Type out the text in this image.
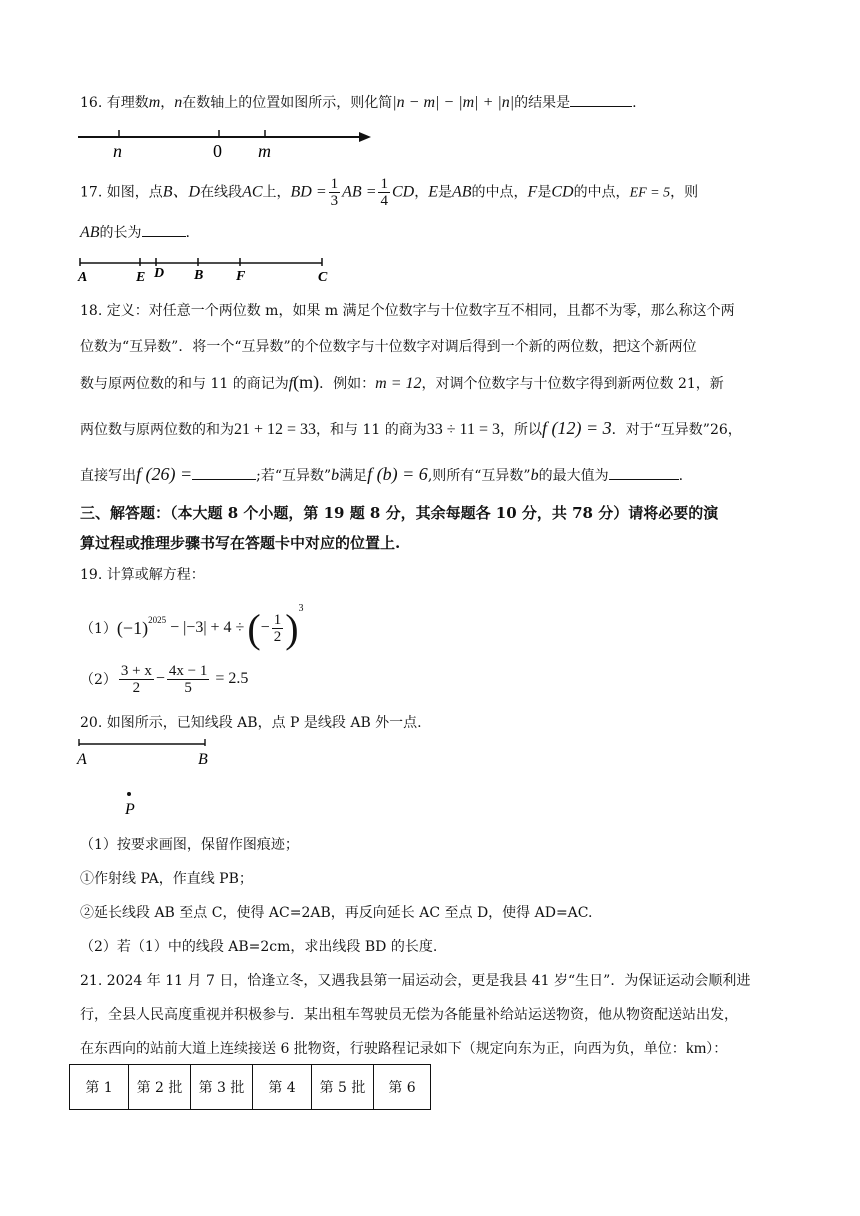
16. 有理数m，n在数轴上的位置如图所示，则化简|n − m| − |m| + |n|的结果是	.
n	0 m
17. 如图，点B、D在线段AC上，BD = $\frac{1}{3}$ AB = $\frac{1}{4}$ CD，E是AB的中点，F是CD的中点，EF = 5，则
AB的长为	.
A	E D B F	C
18. 定义：对任意一个两位数 m，如果 m 满足个位数字与十位数字互不相同，且都不为零，那么称这个两
位数为“互异数”．将一个“互异数”的个位数字与十位数字对调后得到一个新的两位数，把这个新两位
数与原两位数的和与 11 的商记为f(m)．例如：m = 12，对调个位数字与十位数字得到新两位数 21，新
两位数与原两位数的和为21 + 12 = 33，和与 11 的商为33 ÷ 11 = 3，所以f (12) = 3．对于“互异数”26，
直接写出f (26) =	;若“互异数”b满足f (b) = 6,则所有“互异数”b的最大值为	.
三、解答题：（本大题 8 个小题，第 19 题 8 分，其余每题各 10 分，共 78 分）请将必要的演
算过程或推理步骤书写在答题卡中对应的位置上.
19. 计算或解方程：
（1） $(-1)^{2025} - |-3| + 4$ ÷ ( − $\frac{1}{2} )^3$
$(2) \frac{3 + x}{2} - \frac{4x - 1}{5} = 2.5$
20. 如图所示，已知线段 AB，点 P 是线段 AB 外一点.
A	B
P
（1）按要求画图，保留作图痕迹；
①作射线 PA，作直线 PB；
②延长线段 AB 至点 C，使得 AC=2AB，再反向延长 AC 至点 D，使得 AD=AC.
（2）若（1）中的线段 AB=2cm，求出线段 BD 的长度.
21. 2024 年 11 月 7 日，恰逢立冬，又遇我县第一届运动会，更是我县 41 岁“生日”．为保证运动会顺利进
行，全县人民高度重视并积极参与．某出租车驾驶员无偿为各能量补给站运送物资，他从物资配送站出发，
在东西向的站前大道上连续接送 6 批物资，行驶路程记录如下（规定向东为正，向西为负，单位：km）：
第 1	第 2 批	第 3 批	第 4	第 5 批	第 6
